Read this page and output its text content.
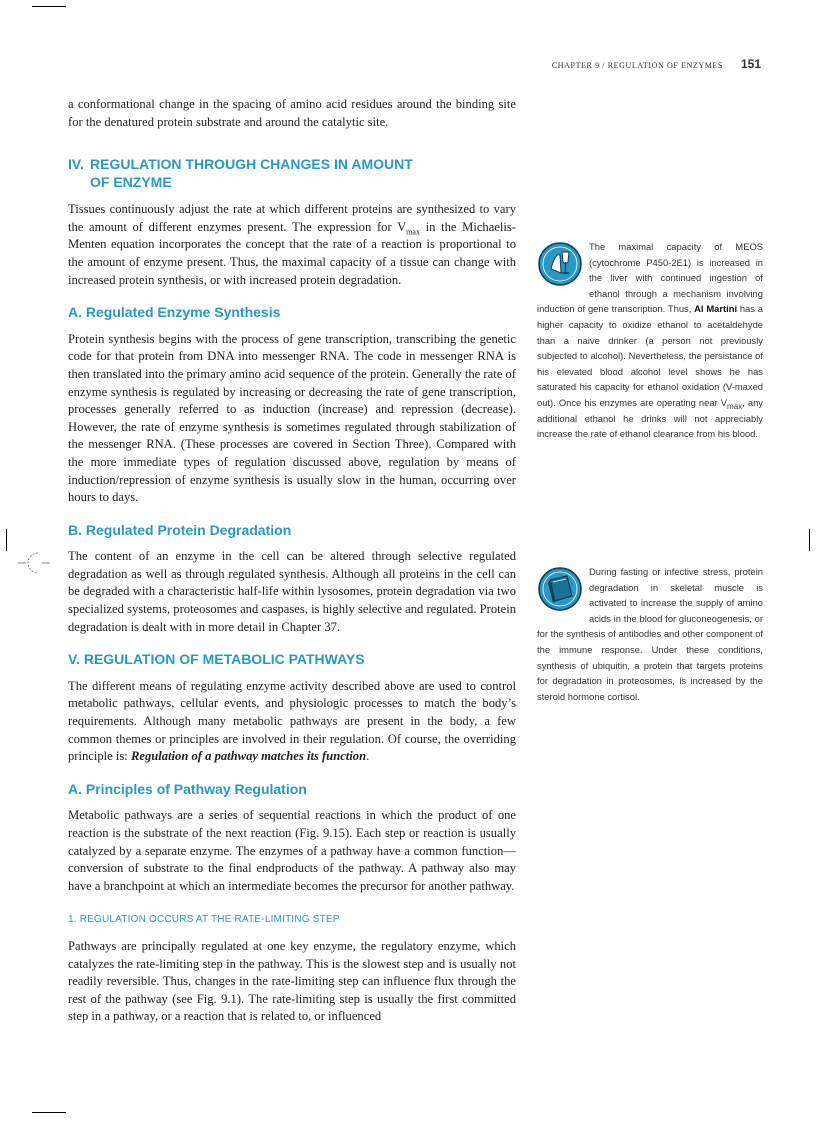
CHAPTER 9 / REGULATION OF ENZYMES 151

a conformational change in the spacing of amino acid residues around the binding site for the denatured protein substrate and around the catalytic site.

IV. REGULATION THROUGH CHANGES IN AMOUNT
OF ENZYME

Tissues continuously adjust the rate at which different proteins are synthesized to vary the amount of different enzymes present. The expression for $V_{max}$ in the Michaelis-Menten equation incorporates the concept that the rate of a reaction is proportional to the amount of enzyme present. Thus, the maximal capacity of a tissue can change with increased protein synthesis, or with increased protein degradation.

A. Regulated Enzyme Synthesis

Protein synthesis begins with the process of gene transcription, transcribing the genetic code for that protein from DNA into messenger RNA. The code in messenger RNA is then translated into the primary amino acid sequence of the protein. Generally the rate of enzyme synthesis is regulated by increasing or decreasing the rate of gene transcription, processes generally referred to as induction (increase) and repression (decrease). However, the rate of enzyme synthesis is sometimes regulated through stabilization of the messenger RNA. (These processes are covered in Section Three). Compared with the more immediate types of regulation discussed above, regulation by means of induction/repression of enzyme synthesis is usually slow in the human, occurring over hours to days.

B. Regulated Protein Degradation

The content of an enzyme in the cell can be altered through selective regulated degradation as well as through regulated synthesis. Although all proteins in the cell can be degraded with a characteristic half-life within lysosomes, protein degradation via two specialized systems, proteosomes and caspases, is highly selective and regulated. Protein degradation is dealt with in more detail in Chapter 37.

V. REGULATION OF METABOLIC PATHWAYS

The different means of regulating enzyme activity described above are used to control metabolic pathways, cellular events, and physiologic processes to match the body’s requirements. Although many metabolic pathways are present in the body, a few common themes or principles are involved in their regulation. Of course, the overriding principle is: Regulation of a pathway matches its function.

A. Principles of Pathway Regulation

Metabolic pathways are a series of sequential reactions in which the product of one reaction is the substrate of the next reaction (Fig. 9.15). Each step or reaction is usually catalyzed by a separate enzyme. The enzymes of a pathway have a common function—conversion of substrate to the final endproducts of the pathway. A pathway also may have a branchpoint at which an intermediate becomes the precursor for another pathway.

1. REGULATION OCCURS AT THE RATE-LIMITING STEP

Pathways are principally regulated at one key enzyme, the regulatory enzyme, which catalyzes the rate-limiting step in the pathway. This is the slowest step and is usually not readily reversible. Thus, changes in the rate-limiting step can influence flux through the rest of the pathway (see Fig. 9.1). The rate-limiting step is usually the first committed step in a pathway, or a reaction that is related to, or influenced

The maximal capacity of MEOS (cytochrome P450-2E1) is increased in the liver with continued ingestion of ethanol through a mechanism involving induction of gene transcription. Thus, Al Martini has a higher capacity to oxidize ethanol to acetaldehyde than a naive drinker (a person not previously subjected to alcohol). Nevertheless, the persistance of his elevated blood alcohol level shows he has saturated his capacity for ethanol oxidation (V-maxed out). Once his enzymes are operating near $V_{max}$, any additional ethanol he drinks will not appreciably increase the rate of ethanol clearance from his blood.
During fasting or infective stress, protein degradation in skeletal muscle is activated to increase the supply of amino acids in the blood for gluconeogenesis, or for the synthesis of antibodies and other component of the immune response. Under these conditions, synthesis of ubiquitin, a protein that targets proteins for degradation in proteosomes, is increased by the steroid hormone cortisol.
